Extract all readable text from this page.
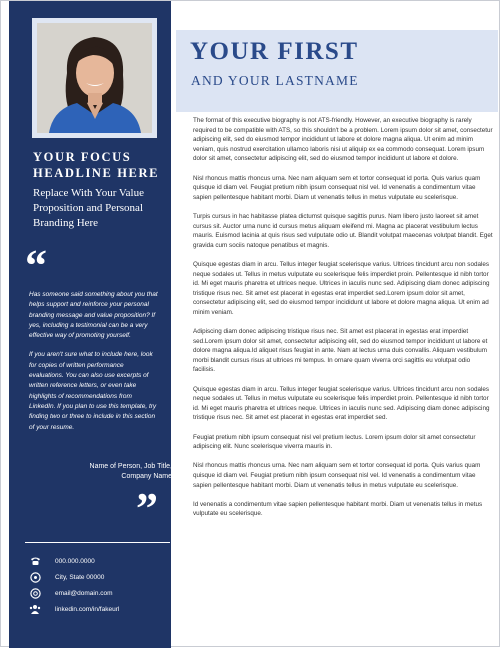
YOUR FOCUS HEADLINE HERE
Replace With Your Value Proposition and Personal Branding Here
“

Has someone said something about you that helps support and reinforce your personal branding message and value proposition? If yes, including a testimonial can be a very effective way of promoting yourself.

If you aren't sure what to include here, look for copies of written performance evaluations. You can also use excerpts of written reference letters, or even take highlights of recommendations from LinkedIn. If you plan to use this template, try finding two or three to include in this section of your resume.

Name of Person, Job Title,
Company Name
”
000.000.0000
City, State 00000
email@domain.com
linkedin.com/in/fakeurl
YOUR FIRST
AND YOUR LASTNAME

The format of this executive biography is not ATS-friendly. However, an executive biography is rarely required to be compatible with ATS, so this shouldn't be a problem. Lorem ipsum dolor sit amet, consectetur adipiscing elit, sed do eiusmod tempor incididunt ut labore et dolore magna aliqua. Ut enim ad minim veniam, quis nostrud exercitation ullamco laboris nisi ut aliquip ex ea commodo consequat. Lorem ipsum dolor sit amet, consectetur adipiscing elit, sed do eiusmod tempor incididunt ut labore et dolore.

Nisl rhoncus mattis rhoncus urna. Nec nam aliquam sem et tortor consequat id porta. Quis varius quam quisque id diam vel. Feugiat pretium nibh ipsum consequat nisl vel. Id venenatis a condimentum vitae sapien pellentesque habitant morbi. Diam ut venenatis tellus in metus vulputate eu scelerisque.

Turpis cursus in hac habitasse platea dictumst quisque sagittis purus. Nam libero justo laoreet sit amet cursus sit. Auctor urna nunc id cursus metus aliquam eleifend mi. Magna ac placerat vestibulum lectus mauris. Euismod lacinia at quis risus sed vulputate odio ut. Blandit volutpat maecenas volutpat blandit. Eget gravida cum sociis natoque penatibus et magnis.

Quisque egestas diam in arcu. Tellus integer feugiat scelerisque varius. Ultrices tincidunt arcu non sodales neque sodales ut. Tellus in metus vulputate eu scelerisque felis imperdiet proin. Pellentesque id nibh tortor id. Mi eget mauris pharetra et ultrices neque. Ultrices in iaculis nunc sed. Adipiscing diam donec adipiscing tristique risus nec. Sit amet est placerat in egestas erat imperdiet sed.Lorem ipsum dolor sit amet, consectetur adipiscing elit, sed do eiusmod tempor incididunt ut labore et dolore magna aliqua. Ut enim ad minim veniam.

Adipiscing diam donec adipiscing tristique risus nec. Sit amet est placerat in egestas erat imperdiet sed.Lorem ipsum dolor sit amet, consectetur adipiscing elit, sed do eiusmod tempor incididunt ut labore et dolore magna aliqua.Id aliquet risus feugiat in ante. Nam at lectus urna duis convallis. Aliquam vestibulum morbi blandit cursus risus at ultrices mi tempus. In ornare quam viverra orci sagittis eu volutpat odio facilisis.

Quisque egestas diam in arcu. Tellus integer feugiat scelerisque varius. Ultrices tincidunt arcu non sodales neque sodales ut. Tellus in metus vulputate eu scelerisque felis imperdiet proin. Pellentesque id nibh tortor id. Mi eget mauris pharetra et ultrices neque. Ultrices in iaculis nunc sed. Adipiscing diam donec adipiscing tristique risus nec. Sit amet est placerat in egestas erat imperdiet sed.

Feugiat pretium nibh ipsum consequat nisl vel pretium lectus. Lorem ipsum dolor sit amet consectetur adipiscing elit. Nunc scelerisque viverra mauris in.

Nisl rhoncus mattis rhoncus urna. Nec nam aliquam sem et tortor consequat id porta. Quis varius quam quisque id diam vel. Feugiat pretium nibh ipsum consequat nisl vel. Id venenatis a condimentum vitae sapien pellentesque habitant morbi. Diam ut venenatis tellus in metus vulputate eu scelerisque.

Id venenatis a condimentum vitae sapien pellentesque habitant morbi. Diam ut venenatis tellus in metus vulputate eu scelerisque.
